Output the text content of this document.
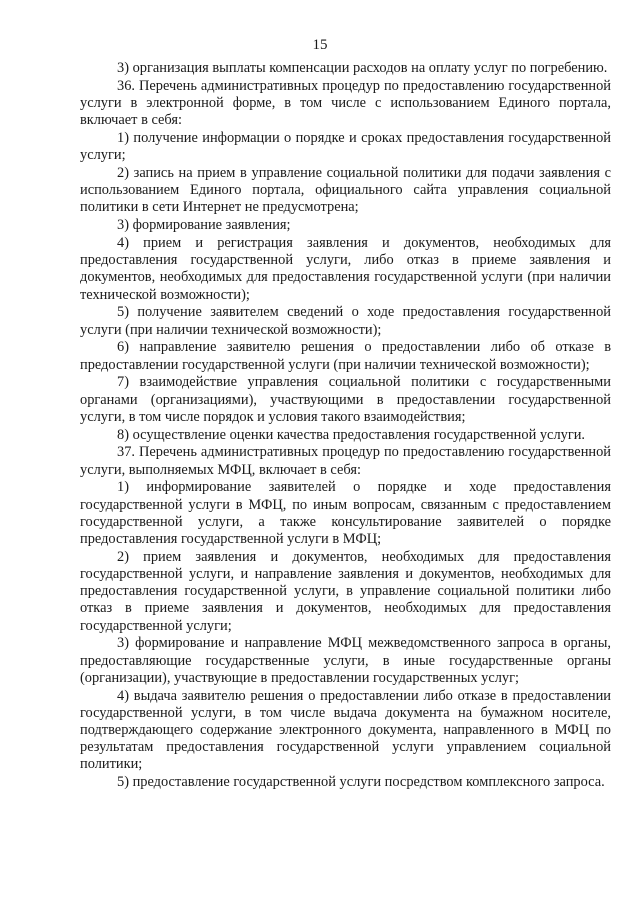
15

3) организация выплаты компенсации расходов на оплату услуг по погребению.

36. Перечень административных процедур по предоставлению государственной услуги в электронной форме, в том числе с использованием Единого портала, включает в себя:

1) получение информации о порядке и сроках предоставления государственной услуги;

2) запись на прием в управление социальной политики для подачи заявления с использованием Единого портала, официального сайта управления социальной политики в сети Интернет не предусмотрена;

3) формирование заявления;

4) прием и регистрация заявления и документов, необходимых для предоставления государственной услуги, либо отказ в приеме заявления и документов, необходимых для предоставления государственной услуги (при наличии технической возможности);

5) получение заявителем сведений о ходе предоставления государственной услуги (при наличии технической возможности);

6) направление заявителю решения о предоставлении либо об отказе в предоставлении государственной услуги (при наличии технической возможности);

7) взаимодействие управления социальной политики с государственными органами (организациями), участвующими в предоставлении государственной услуги, в том числе порядок и условия такого взаимодействия;

8) осуществление оценки качества предоставления государственной услуги.

37. Перечень административных процедур по предоставлению государственной услуги, выполняемых МФЦ, включает в себя:

1) информирование заявителей о порядке и ходе предоставления государственной услуги в МФЦ, по иным вопросам, связанным с предоставлением государственной услуги, а также консультирование заявителей о порядке предоставления государственной услуги в МФЦ;

2) прием заявления и документов, необходимых для предоставления государственной услуги, и направление заявления и документов, необходимых для предоставления государственной услуги, в управление социальной политики либо отказ в приеме заявления и документов, необходимых для предоставления государственной услуги;

3) формирование и направление МФЦ межведомственного запроса в органы, предоставляющие государственные услуги, в иные государственные органы (организации), участвующие в предоставлении государственных услуг;

4) выдача заявителю решения о предоставлении либо отказе в предоставлении государственной услуги, в том числе выдача документа на бумажном носителе, подтверждающего содержание электронного документа, направленного в МФЦ по результатам предоставления государственной услуги управлением социальной политики;

5) предоставление государственной услуги посредством комплексного запроса.
